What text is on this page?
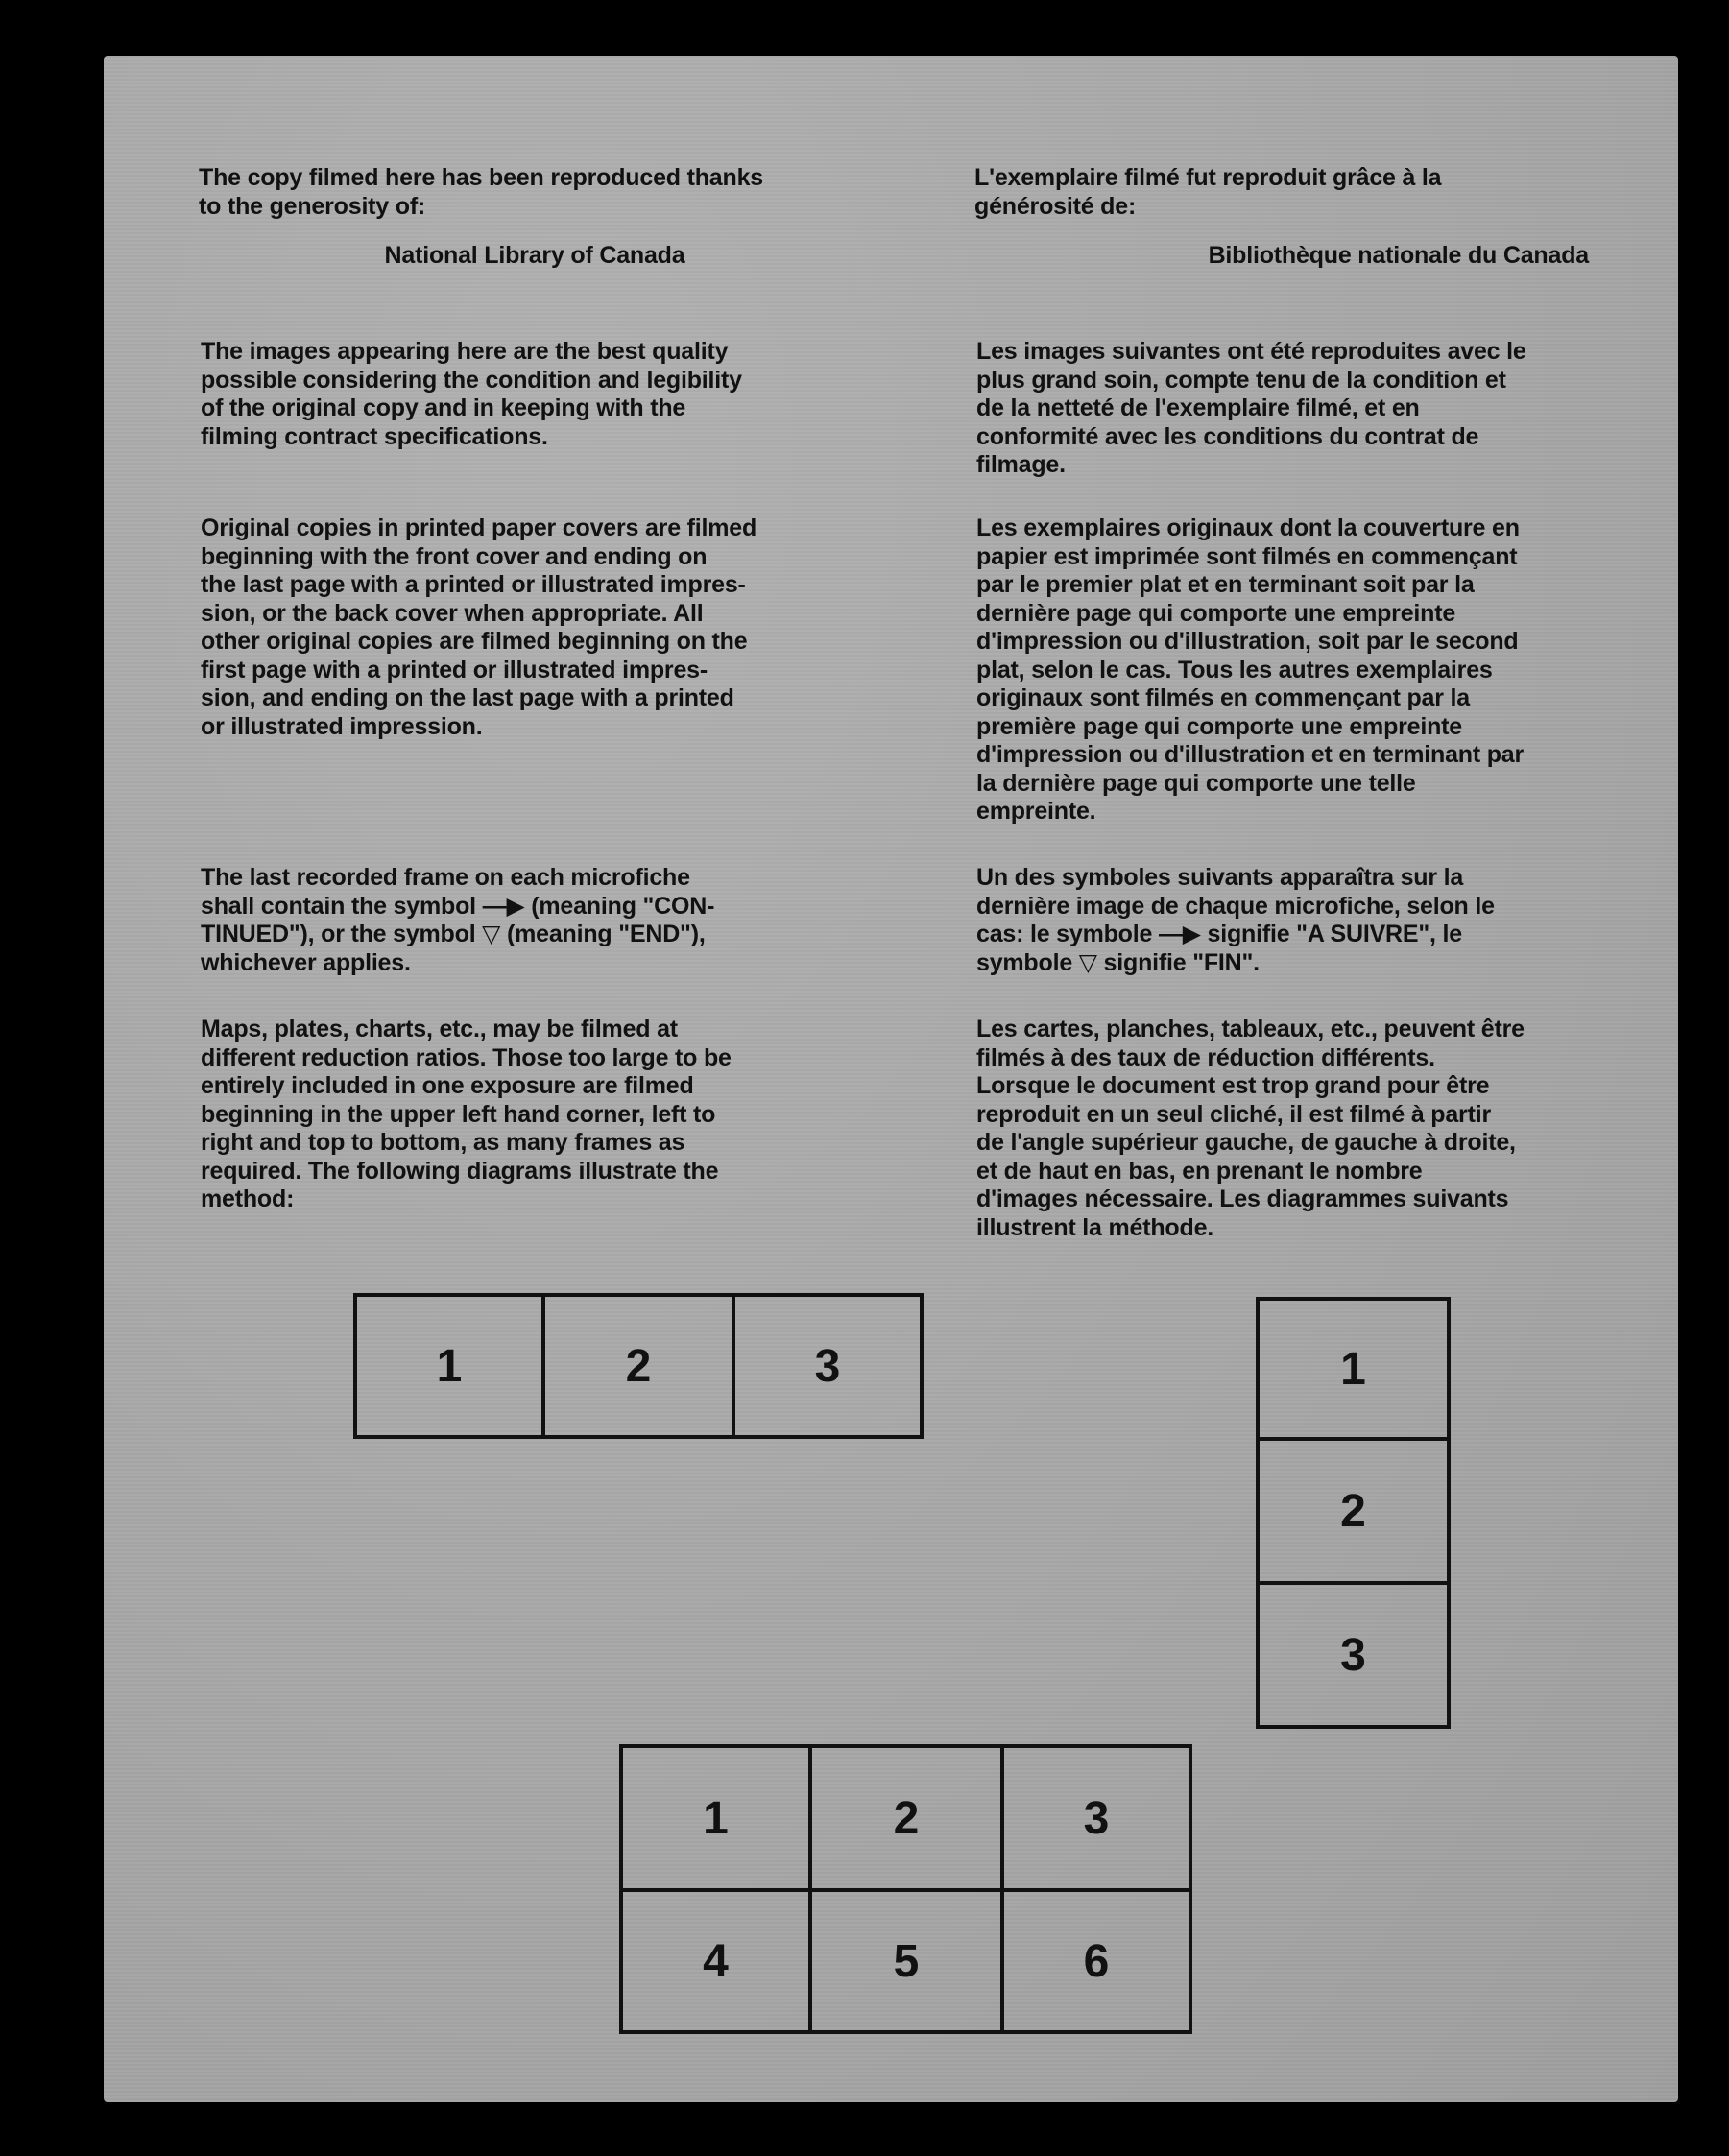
The copy filmed here has been reproduced thanks
to the generosity of:
National Library of Canada
The images appearing here are the best quality
possible considering the condition and legibility
of the original copy and in keeping with the
filming contract specifications.
Original copies in printed paper covers are filmed
beginning with the front cover and ending on
the last page with a printed or illustrated impres-
sion, or the back cover when appropriate. All
other original copies are filmed beginning on the
first page with a printed or illustrated impres-
sion, and ending on the last page with a printed
or illustrated impression.
The last recorded frame on each microfiche
shall contain the symbol —▶ (meaning "CON-
TINUED"), or the symbol ▽ (meaning "END"),
whichever applies.
Maps, plates, charts, etc., may be filmed at
different reduction ratios. Those too large to be
entirely included in one exposure are filmed
beginning in the upper left hand corner, left to
right and top to bottom, as many frames as
required. The following diagrams illustrate the
method:
L'exemplaire filmé fut reproduit grâce à la
générosité de:
Bibliothèque nationale du Canada
Les images suivantes ont été reproduites avec le
plus grand soin, compte tenu de la condition et
de la netteté de l'exemplaire filmé, et en
conformité avec les conditions du contrat de
filmage.
Les exemplaires originaux dont la couverture en
papier est imprimée sont filmés en commençant
par le premier plat et en terminant soit par la
dernière page qui comporte une empreinte
d'impression ou d'illustration, soit par le second
plat, selon le cas. Tous les autres exemplaires
originaux sont filmés en commençant par la
première page qui comporte une empreinte
d'impression ou d'illustration et en terminant par
la dernière page qui comporte une telle
empreinte.
Un des symboles suivants apparaîtra sur la
dernière image de chaque microfiche, selon le
cas: le symbole —▶ signifie "A SUIVRE", le
symbole ▽ signifie "FIN".
Les cartes, planches, tableaux, etc., peuvent être
filmés à des taux de réduction différents.
Lorsque le document est trop grand pour être
reproduit en un seul cliché, il est filmé à partir
de l'angle supérieur gauche, de gauche à droite,
et de haut en bas, en prenant le nombre
d'images nécessaire. Les diagrammes suivants
illustrent la méthode.
1	2	3	1
2
3
1	2	3
4	5	6
